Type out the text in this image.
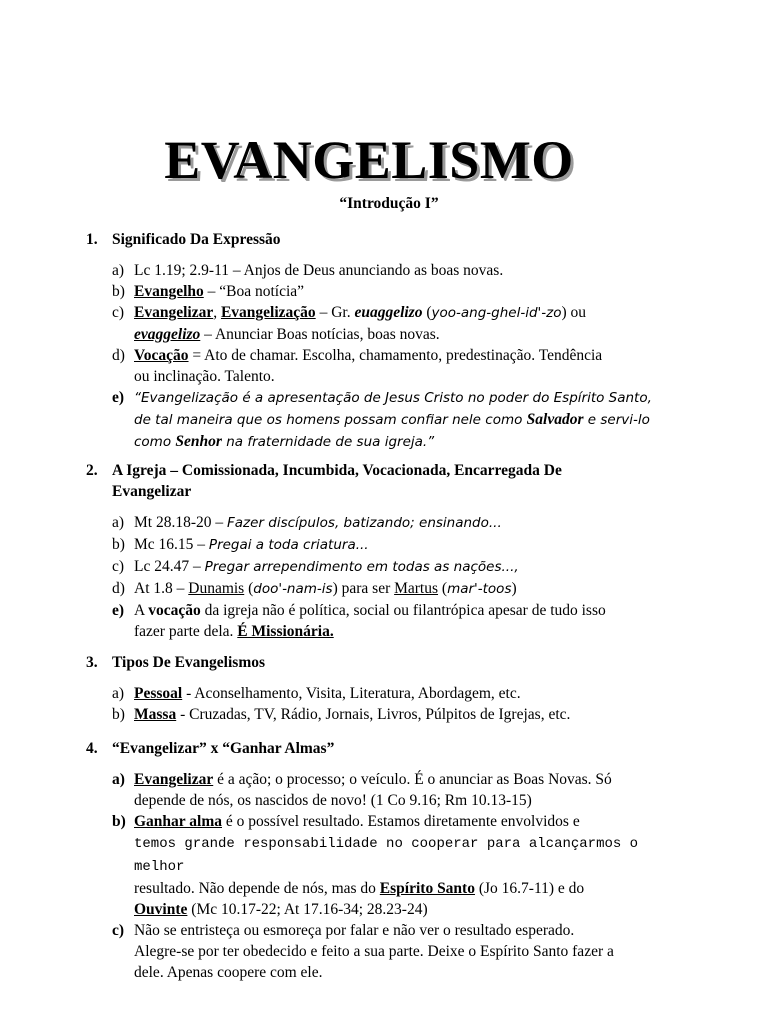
EVANGELISMO
“Introdução I”
1. Significado Da Expressão
a) Lc 1.19; 2.9-11 – Anjos de Deus anunciando as boas novas.
b) Evangelho – “Boa notícia”
c) Evangelizar, Evangelização – Gr. euaggelizo (yoo-ang-ghel-id'-zo) ou
evaggelizo – Anunciar Boas notícias, boas novas.
d) Vocação = Ato de chamar. Escolha, chamamento, predestinação. Tendência
ou inclinação. Talento.
e) “Evangelização é a apresentação de Jesus Cristo no poder do Espírito Santo,
de tal maneira que os homens possam confiar nele como Salvador e servi-lo
como Senhor na fraternidade de sua igreja.”
2. A Igreja – Comissionada, Incumbida, Vocacionada, Encarregada De
Evangelizar
a) Mt 28.18-20 – Fazer discípulos, batizando; ensinando...
b) Mc 16.15 – Pregai a toda criatura...
c) Lc 24.47 – Pregar arrependimento em todas as nações...,
d) At 1.8 – Dunamis (doo'-nam-is) para ser Martus (mar'-toos)
e) A vocação da igreja não é política, social ou filantrópica apesar de tudo isso
fazer parte dela. É Missionária.
3. Tipos De Evangelismos
a) Pessoal - Aconselhamento, Visita, Literatura, Abordagem, etc.
b) Massa - Cruzadas, TV, Rádio, Jornais, Livros, Púlpitos de Igrejas, etc.
4. “Evangelizar” x “Ganhar Almas”
a) Evangelizar é a ação; o processo; o veículo. É o anunciar as Boas Novas. Só
depende de nós, os nascidos de novo! (1 Co 9.16; Rm 10.13-15)
b) Ganhar alma é o possível resultado. Estamos diretamente envolvidos e
temos grande responsabilidade no cooperar para alcançarmos o melhor
resultado. Não depende de nós, mas do Espírito Santo (Jo 16.7-11) e do
Ouvinte (Mc 10.17-22; At 17.16-34; 28.23-24)
c) Não se entristeça ou esmoreça por falar e não ver o resultado esperado.
Alegre-se por ter obedecido e feito a sua parte. Deixe o Espírito Santo fazer a
dele. Apenas coopere com ele.
